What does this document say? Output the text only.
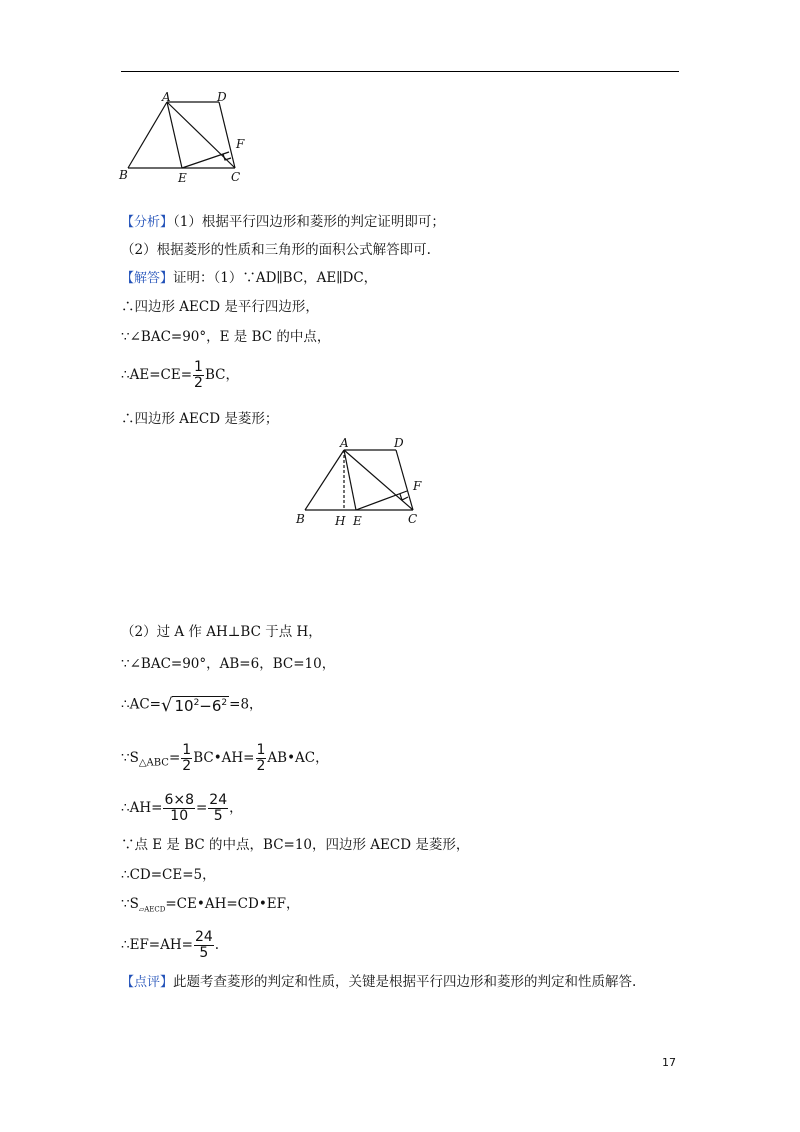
A	D
B	E	C
F
【分析】（1）根据平行四边形和菱形的判定证明即可；
（2）根据菱形的性质和三角形的面积公式解答即可.
【解答】证明：（1）∵AD∥BC，AE∥DC，
∴四边形 AECD 是平行四边形，
∵∠BAC=90°，E 是 BC 的中点，
∴AE=CE= $\frac{1}{2}$ BC，
∴四边形 AECD 是菱形；
A	D
B	H E	C
F
（2）过 A 作 AH⊥BC 于点 H，
∵∠BAC=90°，AB=6，BC=10，
∴AC=√ $10^2-6^2 =8$，
$\because S_{\triangle ABC}= \frac{1}{2}$ BC•AH= $\frac{1}{2}$ AB•AC，
∴AH= $\frac{6\times 8}{10} = \frac{24}{5}$ ，
∵点 E 是 BC 的中点，BC=10，四边形 AECD 是菱形，
∴CD=CE=5，
$\because S_{▱AECD}=CE•AH=CD•EF$，
∴EF=AH= $\frac{24}{5}$ .
【点评】此题考查菱形的判定和性质，关键是根据平行四边形和菱形的判定和性质解答.
17
